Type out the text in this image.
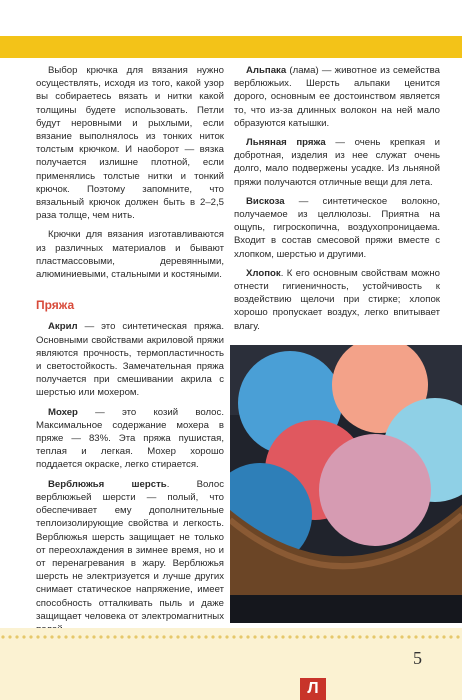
Выбор крючка для вязания нужно осуществлять, исходя из того, какой узор вы собираетесь вязать и нитки какой толщины будете использовать. Петли будут неровными и рыхлыми, если вязание выполнялось из тонких ниток толстым крючком. И наоборот — вязка получается излишне плотной, если применялись толстые нитки и тонкий крючок. Поэтому запомните, что вязальный крючок должен быть в 2–2,5 раза толще, чем нить.

Крючки для вязания изготавливаются из различных материалов и бывают пластмассовыми, деревянными, алюминиевыми, стальными и костяными.

Пряжа

Акрил — это синтетическая пряжа. Основными свойствами акриловой пряжи являются прочность, термопластичность и светостойкость. Замечательная пряжа получается при смешивании акрила с шерстью или мохером.

Мохер — это козий волос. Максимальное содержание мохера в пряже — 83%. Эта пряжа пушистая, теплая и легкая. Мохер хорошо поддается окраске, легко стирается.

Верблюжья шерсть. Волос верблюжьей шерсти — полый, что обеспечивает ему дополнительные теплоизолирующие свойства и легкость. Верблюжья шерсть защищает не только от переохлаждения в зимнее время, но и от перенагревания в жару. Верблюжья шерсть не электризуется и лучше других снимает статическое напряжение, имеет способность отталкивать пыль и даже защищает человека от электромагнитных

Альпака (лама) — животное из семейства верблюжьих. Шерсть альпаки ценится дорого, основным ее достоинством является то, что из-за длинных волокон на ней мало образуются катышки.

Льняная пряжа — очень крепкая и добротная, изделия из нее служат очень долго, мало подвержены усадке. Из льняной пряжи получаются отличные вещи для лета.

Вискоза — синтетическое волокно, получаемое из целлюлозы. Приятна на ощупь, гигроскопична, воздухопроницаема. Входит в состав смесовой пряжи вместе с хлопком, шерстью и другими.

Хлопок. К его основным свойствам можно отнести гигиеничность, устойчивость к воздействию щелочи при стирке; хлопок хорошо пропускает воздух, легко впитывает влагу.

5
Л
